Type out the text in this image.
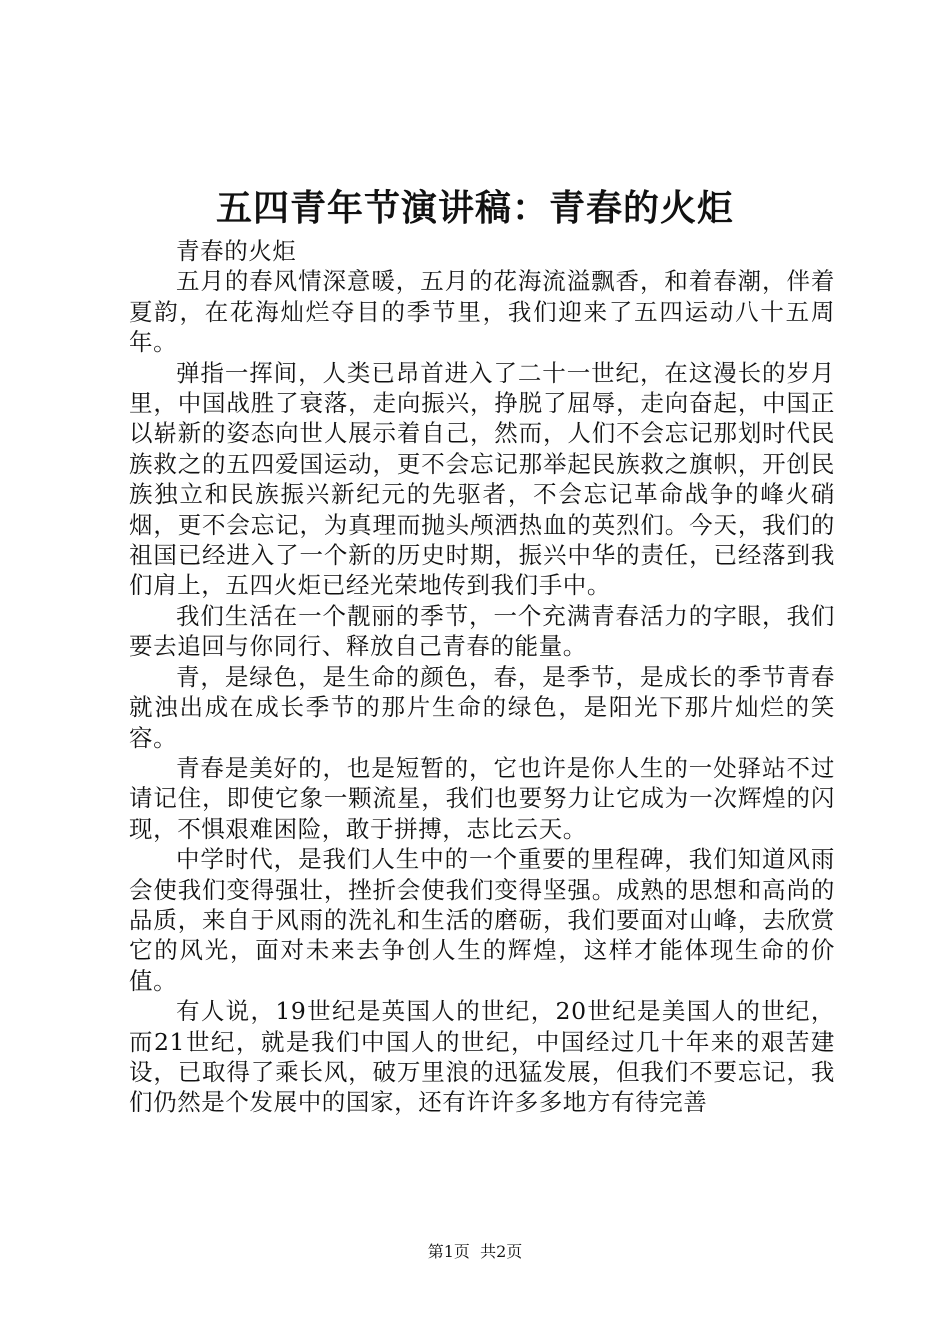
五四青年节演讲稿：青春的火炬

青春的火炬

五月的春风情深意暖，五月的花海流溢飘香，和着春潮，伴着夏韵，在花海灿烂夺目的季节里，我们迎来了五四运动八十五周年。

弹指一挥间，人类已昂首进入了二十一世纪，在这漫长的岁月里，中国战胜了衰落，走向振兴，挣脱了屈辱，走向奋起，中国正以崭新的姿态向世人展示着自己，然而，人们不会忘记那划时代民族救之的五四爱国运动，更不会忘记那举起民族救之旗帜，开创民族独立和民族振兴新纪元的先驱者，不会忘记革命战争的峰火硝烟，更不会忘记，为真理而抛头颅洒热血的英烈们。今天，我们的祖国已经进入了一个新的历史时期，振兴中华的责任，已经落到我们肩上，五四火炬已经光荣地传到我们手中。

我们生活在一个靓丽的季节，一个充满青春活力的字眼，我们要去追回与你同行、释放自己青春的能量。

青，是绿色，是生命的颜色，春，是季节，是成长的季节青春就浊出成在成长季节的那片生命的绿色，是阳光下那片灿烂的笑容。

青春是美好的，也是短暂的，它也许是你人生的一处驿站不过请记住，即使它象一颗流星，我们也要努力让它成为一次辉煌的闪现，不惧艰难困险，敢于拼搏，志比云天。

中学时代，是我们人生中的一个重要的里程碑，我们知道风雨会使我们变得强壮，挫折会使我们变得坚强。成熟的思想和高尚的品质，来自于风雨的洗礼和生活的磨砺，我们要面对山峰，去欣赏它的风光，面对未来去争创人生的辉煌，这样才能体现生命的价值。

有人说，19世纪是英国人的世纪，20世纪是美国人的世纪，而21世纪，就是我们中国人的世纪，中国经过几十年来的艰苦建设，已取得了乘长风，破万里浪的迅猛发展，但我们不要忘记，我们仍然是个发展中的国家，还有许许多多地方有待完善

第1页  共2页
